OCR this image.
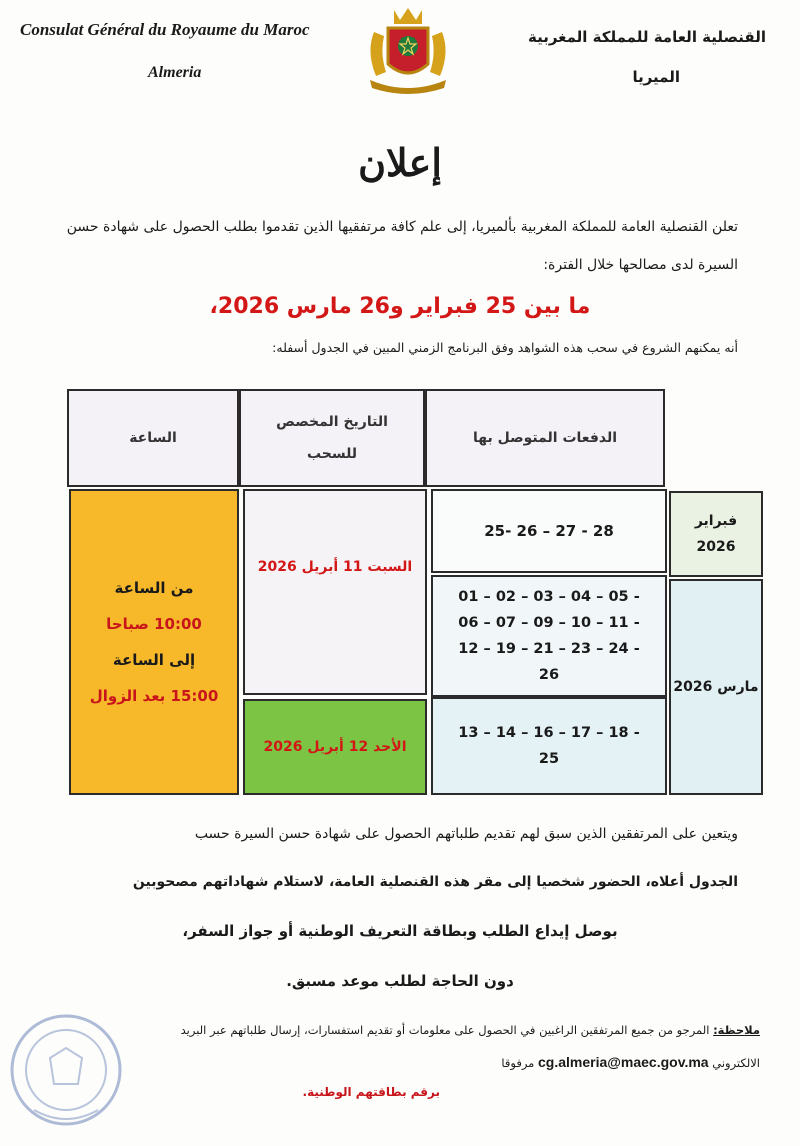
Consulat Général du Royaume du Maroc
Almeria
القنصلية العامة للمملكة المغربية
الميريا
إعلان
تعلن القنصلية العامة للمملكة المغربية بألميريا، إلى علم كافة مرتفقيها الذين تقدموا بطلب الحصول على شهادة حسن السيرة لدى مصالحها خلال الفترة:
ما بين 25 فبراير و26 مارس 2026،
أنه يمكنهم الشروع في سحب هذه الشواهد وفق البرنامج الزمني المبين في الجدول أسفله:
الساعة
التاريخ المخصص
للسحب
الدفعات المتوصل بها
من الساعة
10:00 صباحا
إلى الساعة
15:00 بعد الزوال
السبت 11 أبريل 2026
الأحد 12 أبريل 2026
28 - 27 – 26 -25
- 05 – 04 – 03 – 02 – 01
- 11 – 10 – 09 – 07 – 06
- 24 – 23 – 21 – 19 – 12
26
- 18 – 17 – 16 – 14 – 13
25
فبراير
2026
مارس 2026
ويتعين على المرتفقين الذين سبق لهم تقديم طلباتهم الحصول على شهادة حسن السيرة حسب
الجدول أعلاه، الحضور شخصيا إلى مقر هذه القنصلية العامة، لاستلام شهاداتهم مصحوبين
بوصل إيداع الطلب وبطاقة التعريف الوطنية أو جواز السفر،
دون الحاجة لطلب موعد مسبق.
ملاحظة: المرجو من جميع المرتفقين الراغبين في الحصول على معلومات أو تقديم استفسارات، إرسال طلباتهم عبر البريد
الالكتروني cg.almeria@maec.gov.ma مرفوقا
برقم بطاقتهم الوطنية.
